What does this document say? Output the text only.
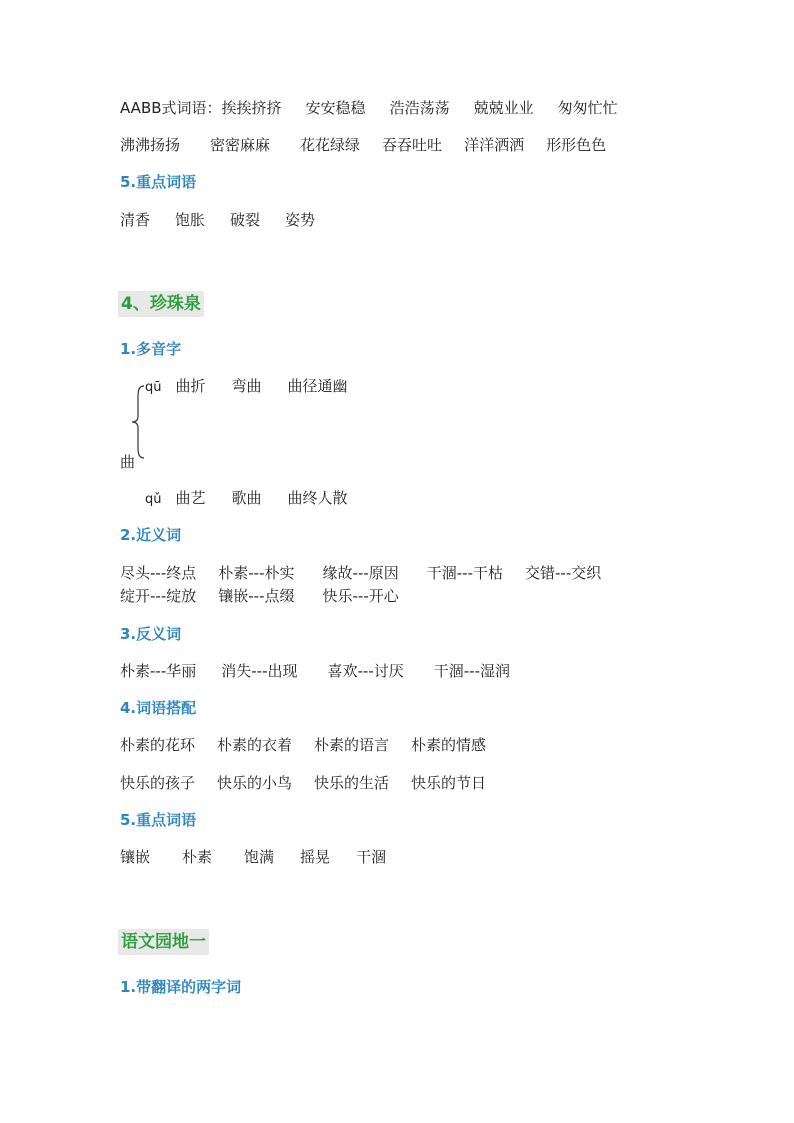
AABB式词语：挨挨挤挤 安安稳稳 浩浩荡荡 兢兢业业 匆匆忙忙
沸沸扬扬 密密麻麻 花花绿绿 吞吞吐吐 洋洋洒洒 形形色色
5.重点词语
清香 饱胀 破裂 姿势
4、珍珠泉
1.多音字
qū 曲折 弯曲 曲径通幽
曲
qǔ 曲艺 歌曲 曲终人散
2.近义词
尽头---终点 朴素---朴实 缘故---原因 干涸---干枯 交错---交织
绽开---绽放 镶嵌---点缀 快乐---开心
3.反义词
朴素---华丽 消失---出现 喜欢---讨厌 干涸---湿润
4.词语搭配
朴素的花环 朴素的衣着 朴素的语言 朴素的情感
快乐的孩子 快乐的小鸟 快乐的生活 快乐的节日
5.重点词语
镶嵌 朴素 饱满 摇晃 干涸
语文园地一
1.带翻译的两字词
